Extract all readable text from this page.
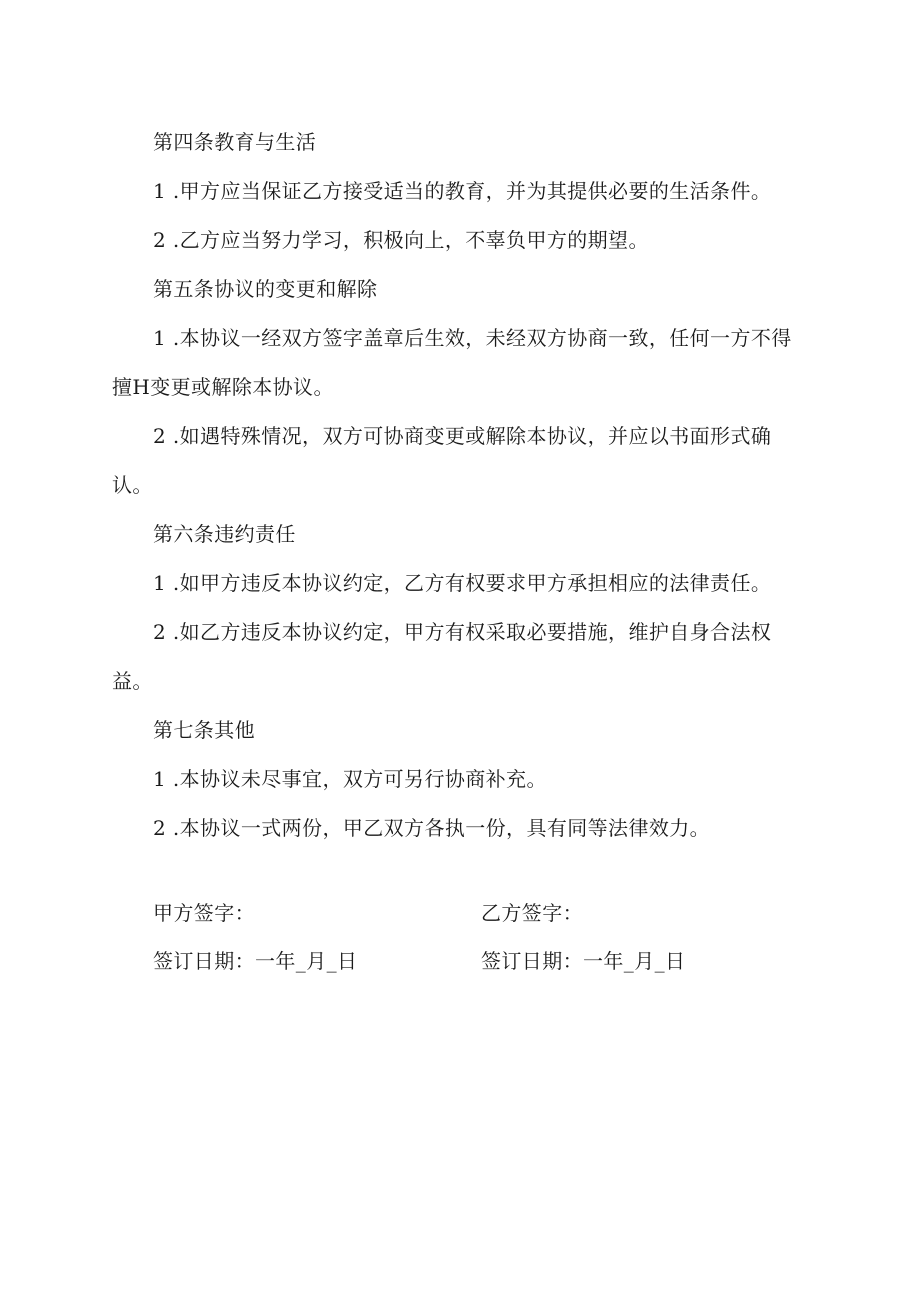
第四条教育与生活

1 .甲方应当保证乙方接受适当的教育，并为其提供必要的生活条件。

2 .乙方应当努力学习，积极向上，不辜负甲方的期望。

第五条协议的变更和解除

1 .本协议一经双方签字盖章后生效，未经双方协商一致，任何一方不得擅H变更或解除本协议。

2 .如遇特殊情况，双方可协商变更或解除本协议，并应以书面形式确认。

第六条违约责任

1 .如甲方违反本协议约定，乙方有权要求甲方承担相应的法律责任。

2 .如乙方违反本协议约定，甲方有权采取必要措施，维护自身合法权益。

第七条其他

1 .本协议未尽事宜，双方可另行协商补充。

2 .本协议一式两份，甲乙双方各执一份，具有同等法律效力。

甲方签字：	乙方签字：
签订日期：一年_月_日	签订日期：一年_月_日
